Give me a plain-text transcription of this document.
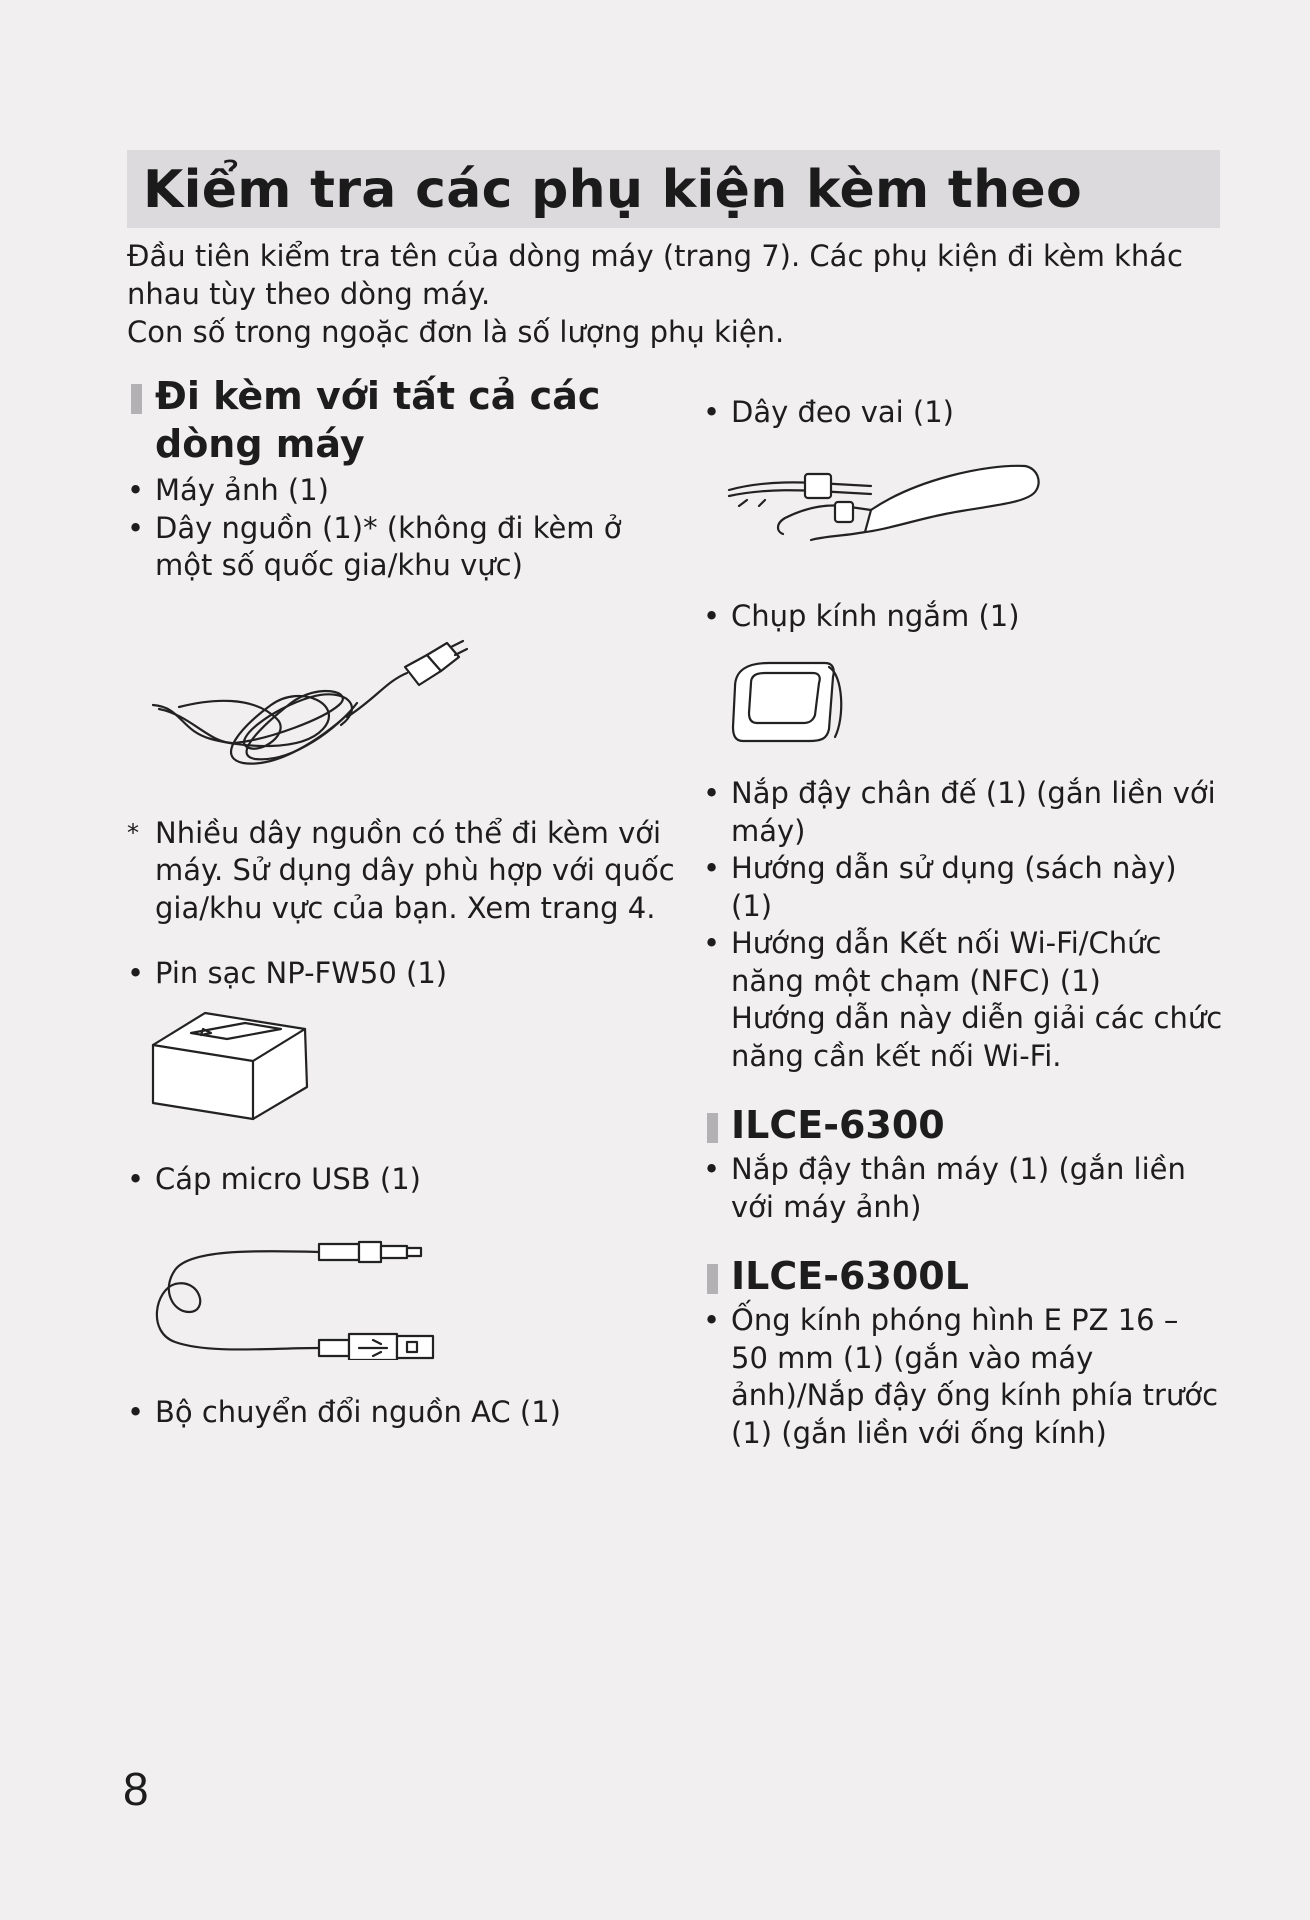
Kiểm tra các phụ kiện kèm theo

Đầu tiên kiểm tra tên của dòng máy (trang 7). Các phụ kiện đi kèm khác nhau tùy theo dòng máy.

Con số trong ngoặc đơn là số lượng phụ kiện.

Đi kèm với tất cả các dòng máy
• Máy ảnh (1)
• Dây nguồn (1)* (không đi kèm ở một số quốc gia/khu vực)
* Nhiều dây nguồn có thể đi kèm với máy. Sử dụng dây phù hợp với quốc gia/khu vực của bạn. Xem trang 4.
• Pin sạc NP-FW50 (1)
• Cáp micro USB (1)
• Bộ chuyển đổi nguồn AC (1)
• Dây đeo vai (1)
• Chụp kính ngắm (1)
• Nắp đậy chân đế (1) (gắn liền với máy)
• Hướng dẫn sử dụng (sách này) (1)
• Hướng dẫn Kết nối Wi-Fi/Chức năng một chạm (NFC) (1)
Hướng dẫn này diễn giải các chức năng cần kết nối Wi-Fi.
ILCE-6300
• Nắp đậy thân máy (1) (gắn liền với máy ảnh)
ILCE-6300L
• Ống kính phóng hình E PZ 16 – 50 mm (1) (gắn vào máy ảnh)/Nắp đậy ống kính phía trước (1) (gắn liền với ống kính)
8
